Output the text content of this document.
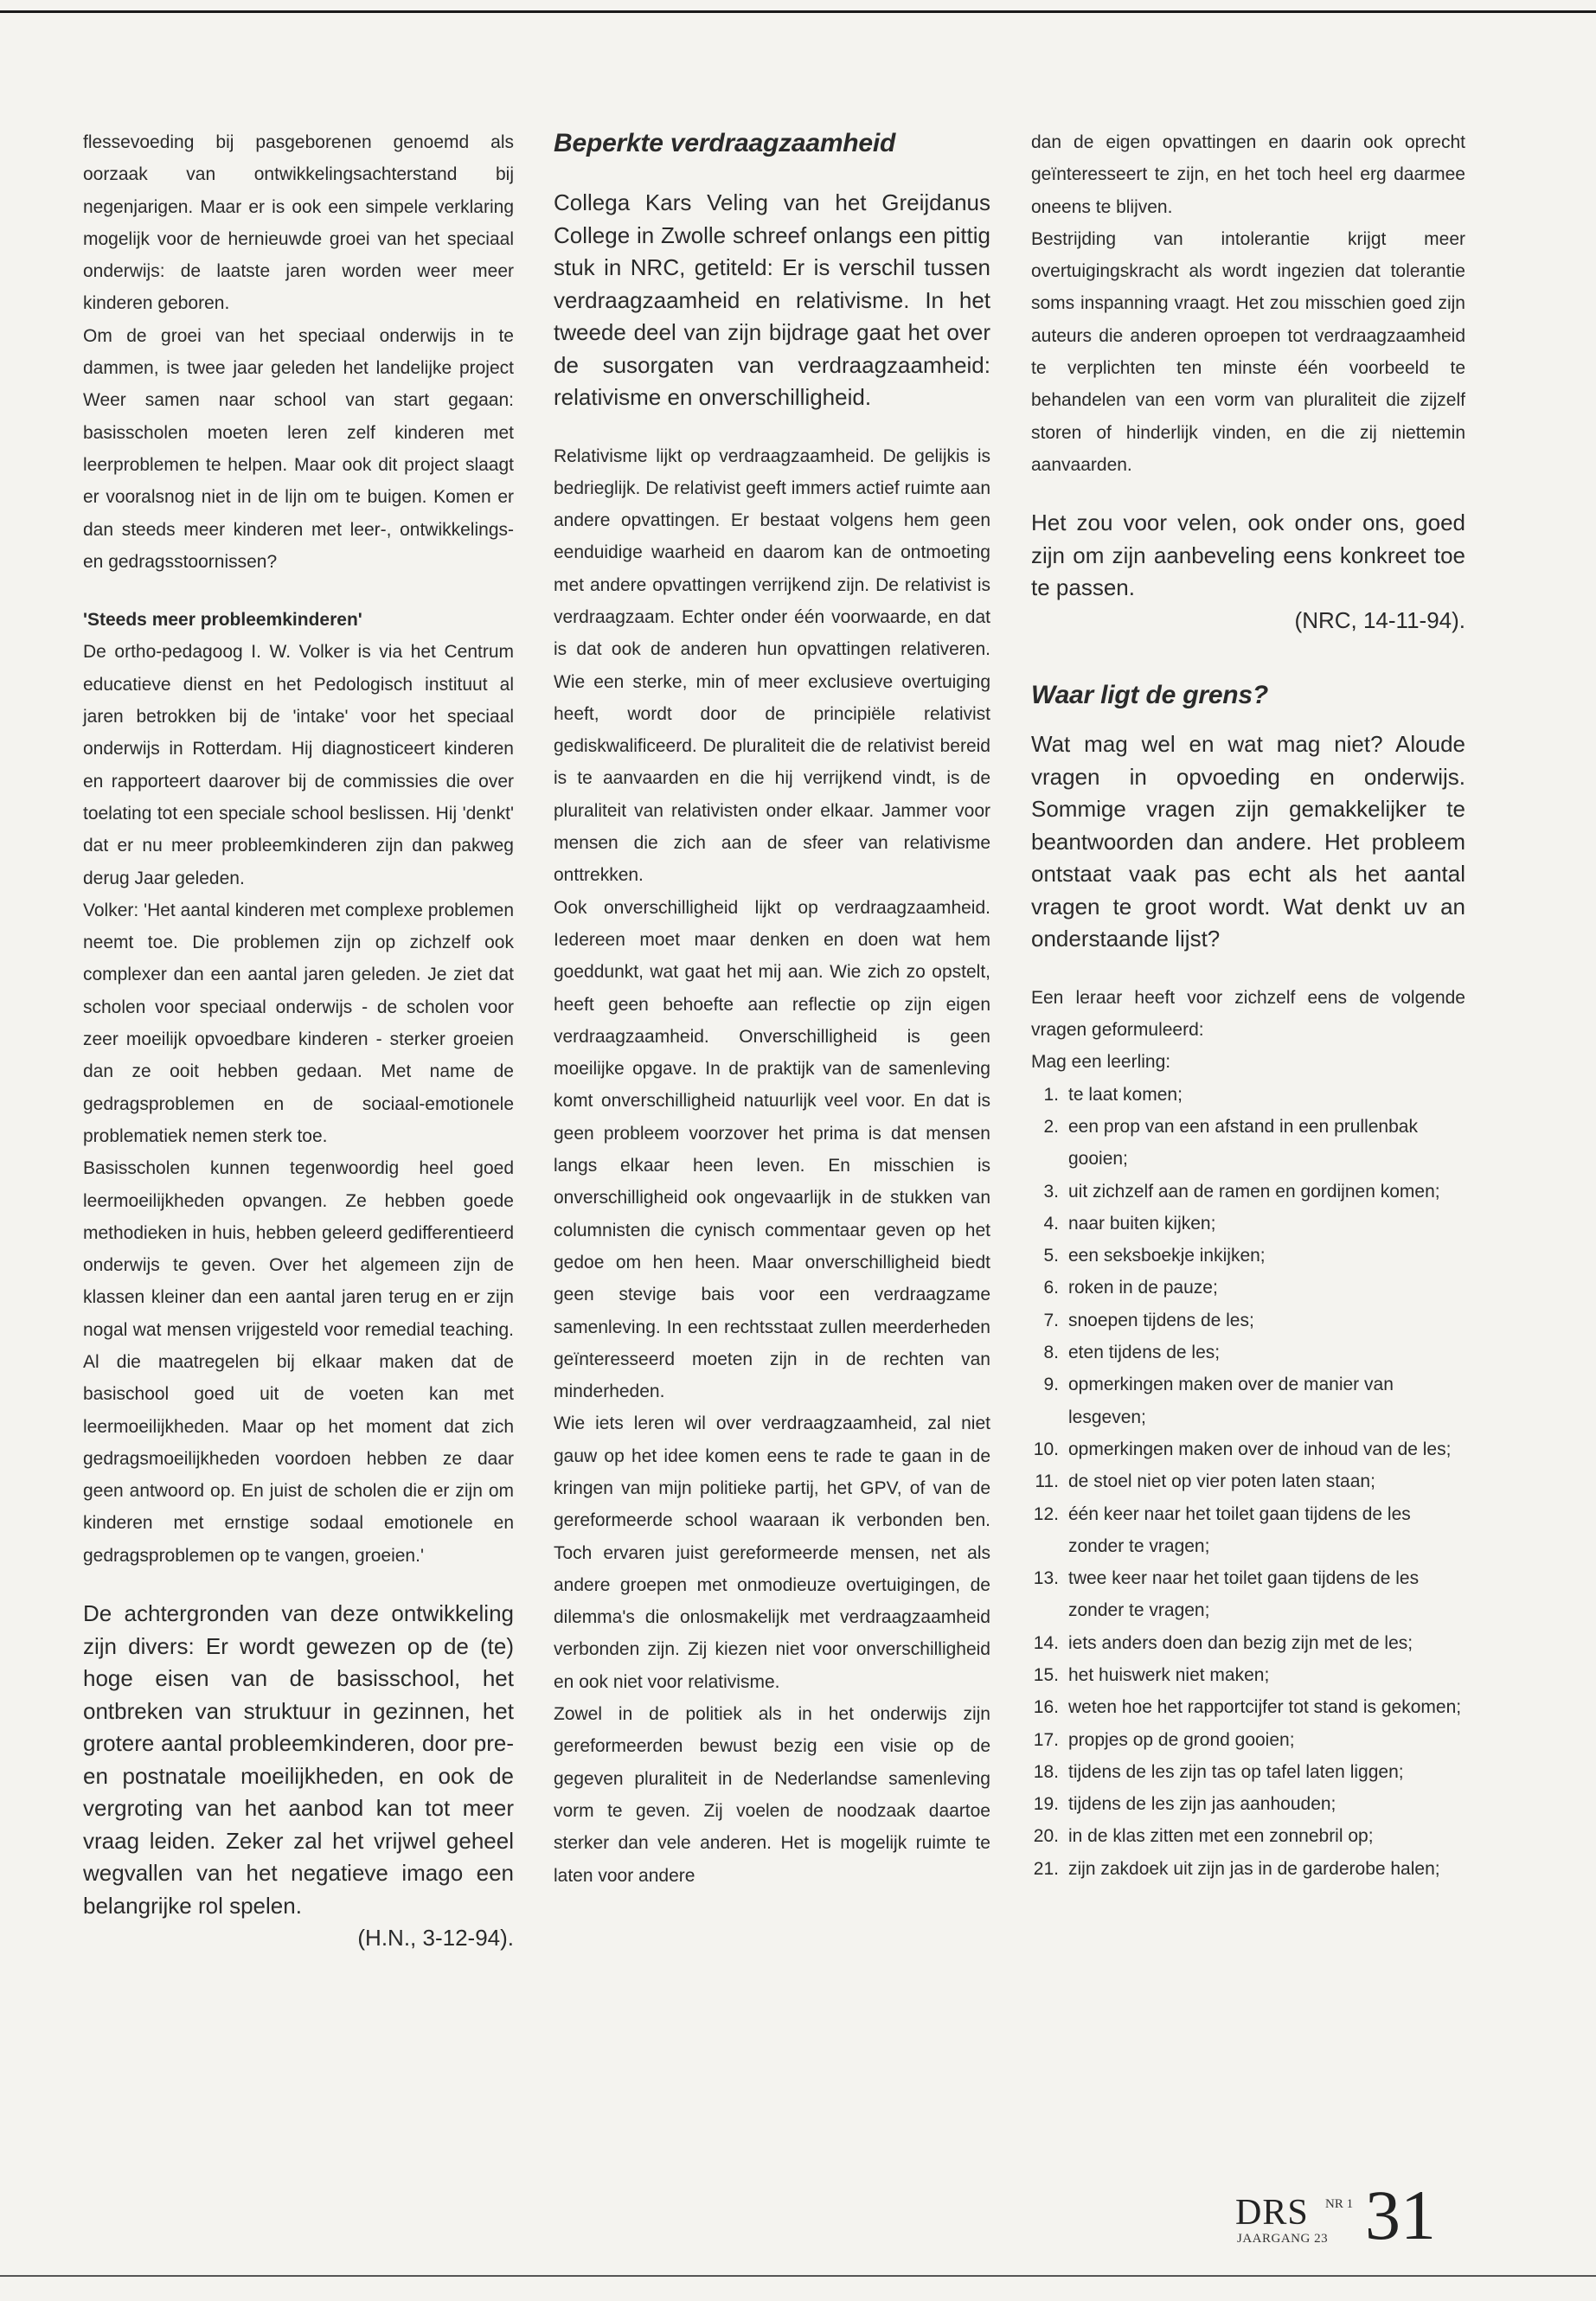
flessevoeding bij pasgeborenen genoemd als oorzaak van ontwikkelingsachterstand bij negenjarigen. Maar er is ook een simpele verklaring mogelijk voor de hernieuwde groei van het speciaal onderwijs: de laatste jaren worden weer meer kinderen geboren.

Om de groei van het speciaal onderwijs in te dammen, is twee jaar geleden het landelijke project Weer samen naar school van start gegaan: basisscholen moeten leren zelf kinderen met leerproblemen te helpen. Maar ook dit project slaagt er vooralsnog niet in de lijn om te buigen. Komen er dan steeds meer kinderen met leer-, ontwikkelings- en gedragsstoornissen?

'Steeds meer probleemkinderen'

De ortho-pedagoog I. W. Volker is via het Centrum educatieve dienst en het Pedologisch instituut al jaren betrokken bij de 'intake' voor het speciaal onderwijs in Rotterdam. Hij diagnosticeert kinderen en rapporteert daarover bij de commissies die over toelating tot een speciale school beslissen. Hij 'denkt' dat er nu meer probleemkinderen zijn dan pakweg derug Jaar geleden.

Volker: 'Het aantal kinderen met complexe problemen neemt toe. Die problemen zijn op zichzelf ook complexer dan een aantal jaren geleden. Je ziet dat scholen voor speciaal onderwijs - de scholen voor zeer moeilijk opvoedbare kinderen - sterker groeien dan ze ooit hebben gedaan. Met name de gedragsproblemen en de sociaal-emotionele problematiek nemen sterk toe.

Basisscholen kunnen tegenwoordig heel goed leermoeilijkheden opvangen. Ze hebben goede methodieken in huis, hebben geleerd gedifferentieerd onderwijs te geven. Over het algemeen zijn de klassen kleiner dan een aantal jaren terug en er zijn nogal wat mensen vrijgesteld voor remedial teaching. Al die maatregelen bij elkaar maken dat de basischool goed uit de voeten kan met leermoeilijkheden. Maar op het moment dat zich gedragsmoeilijkheden voordoen hebben ze daar geen antwoord op. En juist de scholen die er zijn om kinderen met ernstige sodaal emotionele en gedragsproblemen op te vangen, groeien.'

De achtergronden van deze ontwikkeling zijn divers: Er wordt gewezen op de (te) hoge eisen van de basisschool, het ontbreken van struktuur in gezinnen, het grotere aantal probleemkinderen, door pre- en postnatale moeilijkheden, en ook de vergroting van het aanbod kan tot meer vraag leiden. Zeker zal het vrijwel geheel wegvallen van het negatieve imago een belangrijke rol spelen.

(H.N., 3-12-94).

Beperkte verdraagzaamheid

Collega Kars Veling van het Greijdanus College in Zwolle schreef onlangs een pittig stuk in NRC, getiteld: Er is verschil tussen verdraagzaamheid en relativisme. In het tweede deel van zijn bijdrage gaat het over de susorgaten van verdraagzaamheid: relativisme en onverschilligheid.

Relativisme lijkt op verdraagzaamheid. De gelijkis is bedrieglijk. De relativist geeft immers actief ruimte aan andere opvattingen. Er bestaat volgens hem geen eenduidige waarheid en daarom kan de ontmoeting met andere opvattingen verrijkend zijn. De relativist is verdraagzaam. Echter onder één voorwaarde, en dat is dat ook de anderen hun opvattingen relativeren. Wie een sterke, min of meer exclusieve overtuiging heeft, wordt door de principiële relativist gediskwalificeerd. De pluraliteit die de relativist bereid is te aanvaarden en die hij verrijkend vindt, is de pluraliteit van relativisten onder elkaar. Jammer voor mensen die zich aan de sfeer van relativisme onttrekken.

Ook onverschilligheid lijkt op verdraagzaamheid. Iedereen moet maar denken en doen wat hem goeddunkt, wat gaat het mij aan. Wie zich zo opstelt, heeft geen behoefte aan reflectie op zijn eigen verdraagzaamheid. Onverschilligheid is geen moeilijke opgave. In de praktijk van de samenleving komt onverschilligheid natuurlijk veel voor. En dat is geen probleem voorzover het prima is dat mensen langs elkaar heen leven. En misschien is onverschilligheid ook ongevaarlijk in de stukken van columnisten die cynisch commentaar geven op het gedoe om hen heen. Maar onverschilligheid biedt geen stevige bais voor een verdraagzame samenleving. In een rechtsstaat zullen meerderheden geïnteresseerd moeten zijn in de rechten van minderheden.

Wie iets leren wil over verdraagzaamheid, zal niet gauw op het idee komen eens te rade te gaan in de kringen van mijn politieke partij, het GPV, of van de gereformeerde school waaraan ik verbonden ben. Toch ervaren juist gereformeerde mensen, net als andere groepen met onmodieuze overtuigingen, de dilemma's die onlosmakelijk met verdraagzaamheid verbonden zijn. Zij kiezen niet voor onverschilligheid en ook niet voor relativisme.

Zowel in de politiek als in het onderwijs zijn gereformeerden bewust bezig een visie op de gegeven pluraliteit in de Nederlandse samenleving vorm te geven. Zij voelen de noodzaak daartoe sterker dan vele anderen. Het is mogelijk ruimte te laten voor andere

dan de eigen opvattingen en daarin ook oprecht geïnteresseert te zijn, en het toch heel erg daarmee oneens te blijven.

Bestrijding van intolerantie krijgt meer overtuigingskracht als wordt ingezien dat tolerantie soms inspanning vraagt. Het zou misschien goed zijn auteurs die anderen oproepen tot verdraagzaamheid te verplichten ten minste één voorbeeld te behandelen van een vorm van pluraliteit die zijzelf storen of hinderlijk vinden, en die zij niettemin aanvaarden.

Het zou voor velen, ook onder ons, goed zijn om zijn aanbeveling eens konkreet toe te passen.

(NRC, 14-11-94).

Waar ligt de grens?

Wat mag wel en wat mag niet? Aloude vragen in opvoeding en onderwijs. Sommige vragen zijn gemakkelijker te beantwoorden dan andere. Het probleem ontstaat vaak pas echt als het aantal vragen te groot wordt. Wat denkt uv an onderstaande lijst?

Een leraar heeft voor zichzelf eens de volgende vragen geformuleerd:

Mag een leerling:

1. te laat komen;
2. een prop van een afstand in een prullenbak gooien;
3. uit zichzelf aan de ramen en gordijnen komen;
4. naar buiten kijken;
5. een seksboekje inkijken;
6. roken in de pauze;
7. snoepen tijdens de les;
8. eten tijdens de les;
9. opmerkingen maken over de manier van lesgeven;
10. opmerkingen maken over de inhoud van de les;
11. de stoel niet op vier poten laten staan;
12. één keer naar het toilet gaan tijdens de les zonder te vragen;
13. twee keer naar het toilet gaan tijdens de les zonder te vragen;
14. iets anders doen dan bezig zijn met de les;
15. het huiswerk niet maken;
16. weten hoe het rapportcijfer tot stand is gekomen;
17. propjes op de grond gooien;
18. tijdens de les zijn tas op tafel laten liggen;
19. tijdens de les zijn jas aanhouden;
20. in de klas zitten met een zonnebril op;
21. zijn zakdoek uit zijn jas in de garderobe halen;
DRS NR 1
JAARGANG 23 31
